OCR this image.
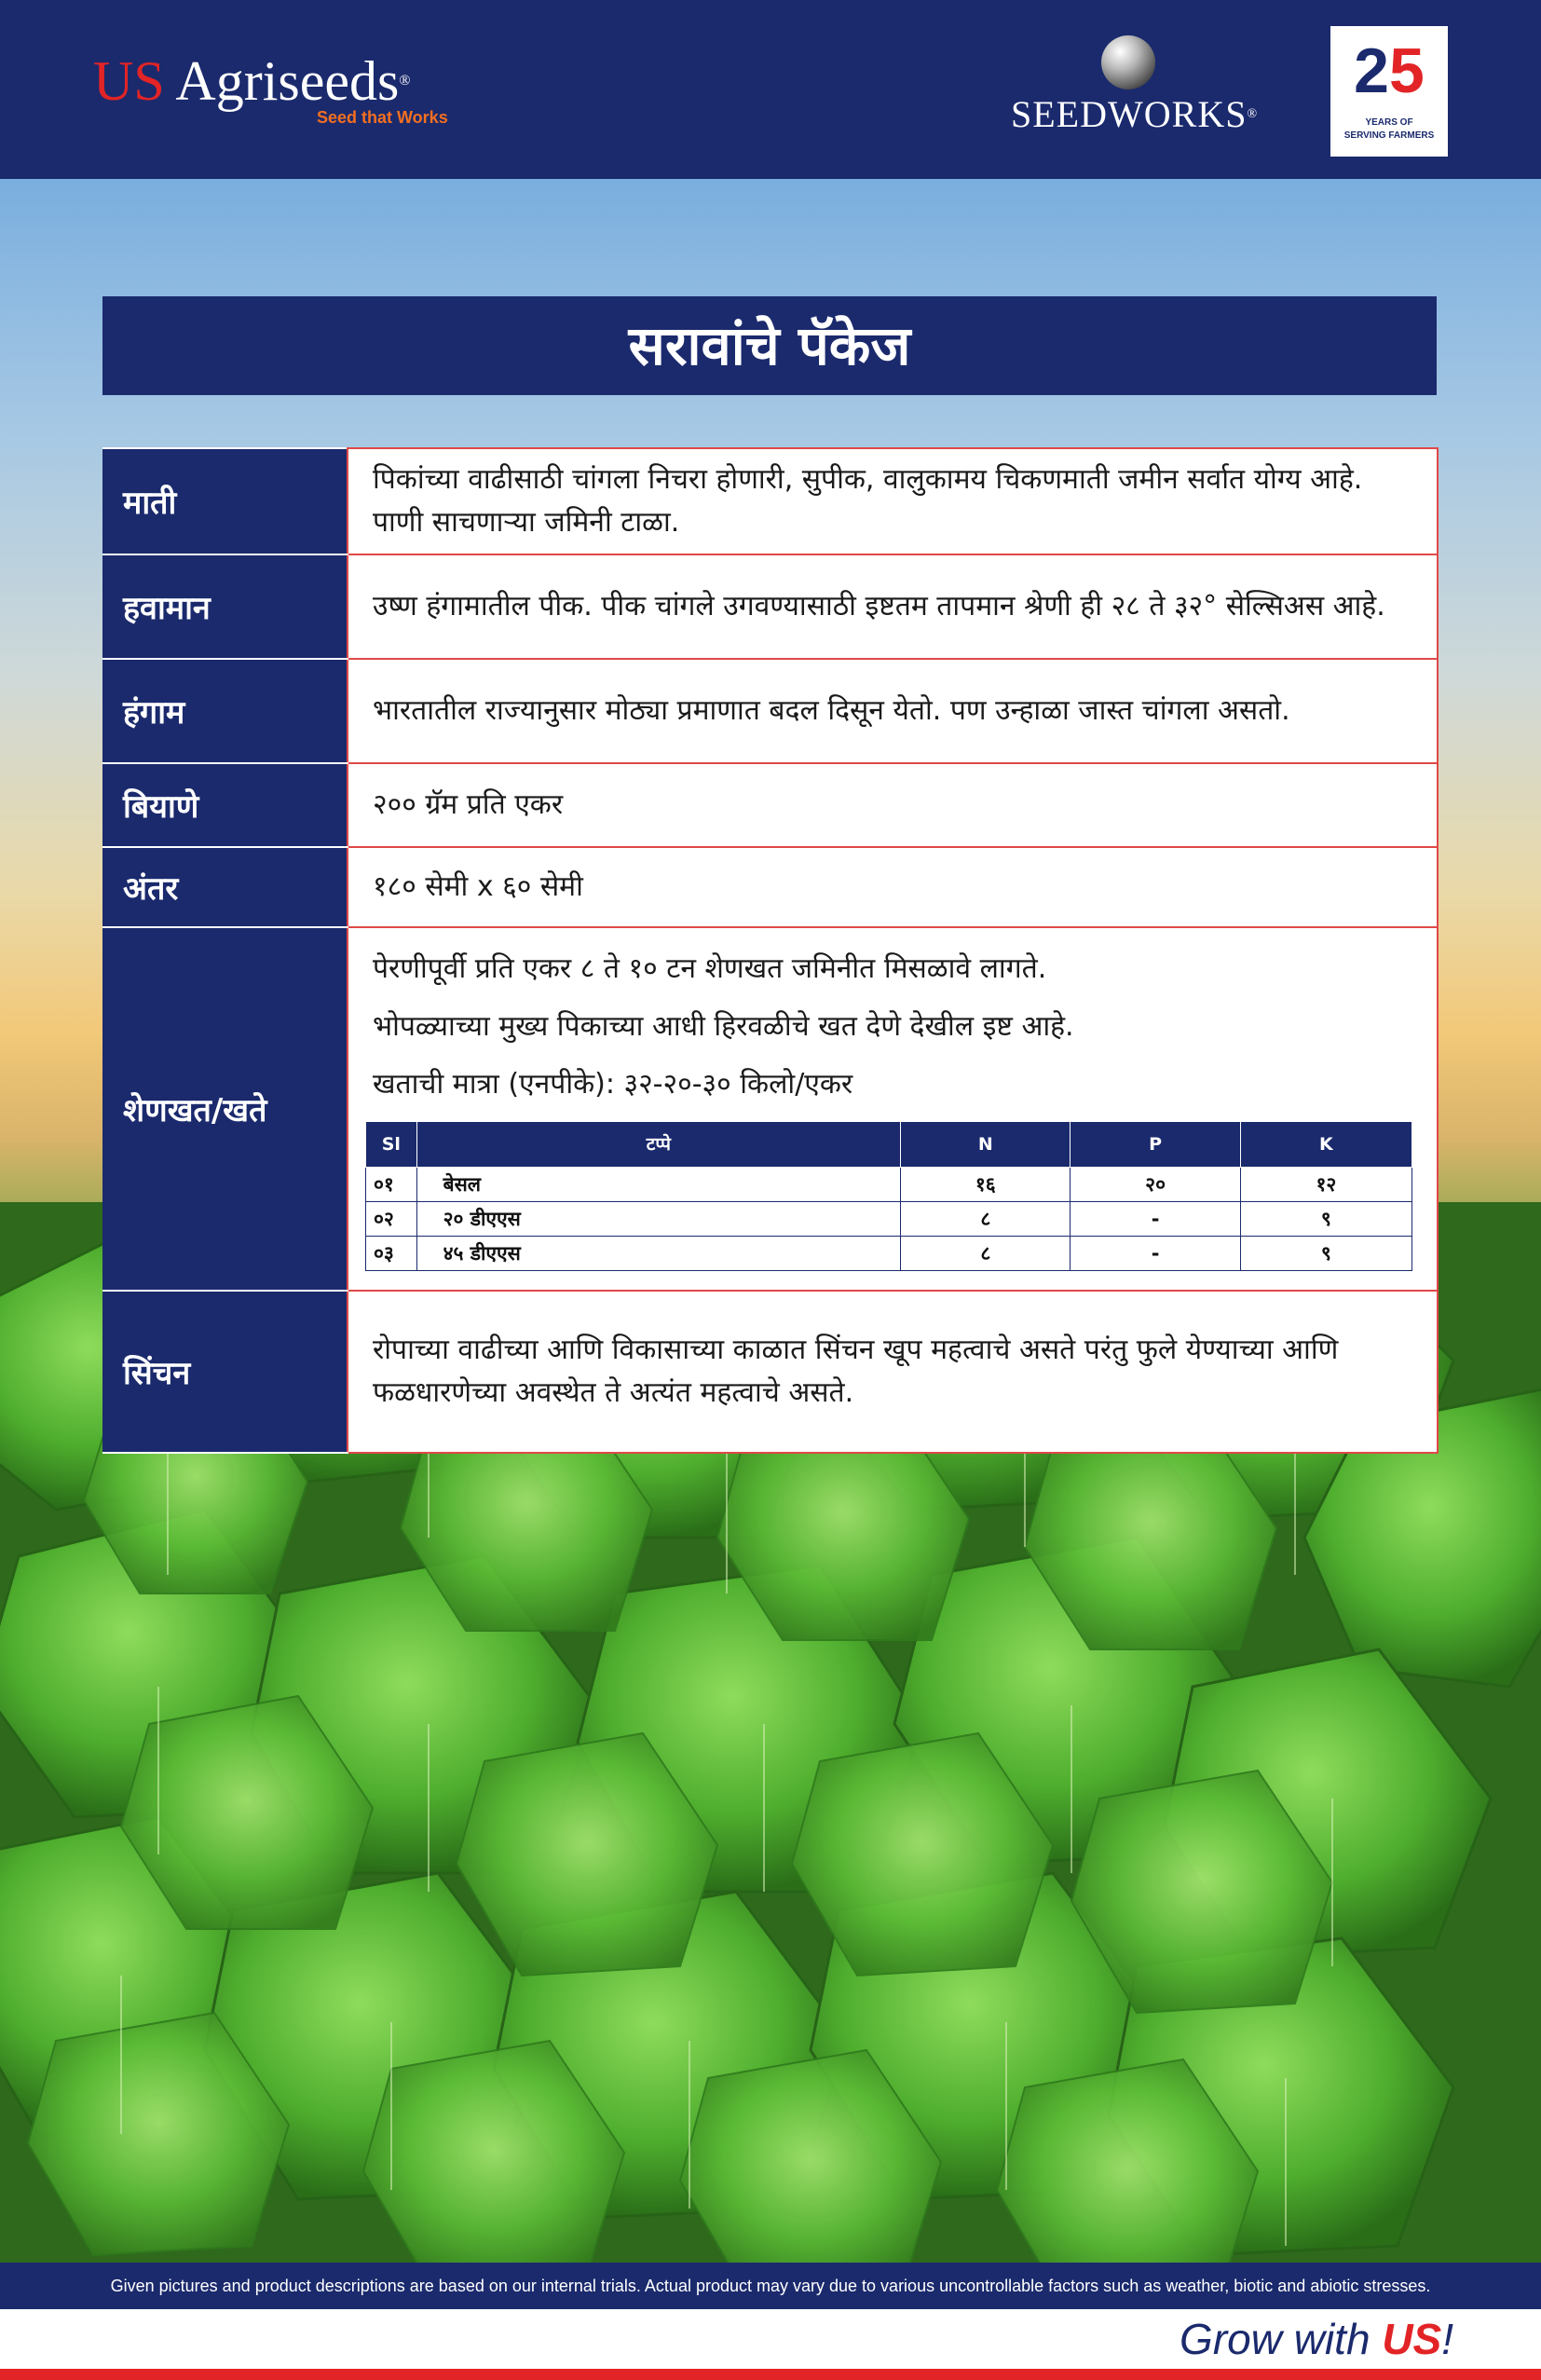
US Agriseeds®
Seed that Works	SEEDWORKS®
25
YEARS OF
SERVING FARMERS
सरावांचे पॅकेज
माती	पिकांच्या वाढीसाठी चांगला निचरा होणारी, सुपीक, वालुकामय चिकणमाती जमीन सर्वात योग्य आहे. पाणी साचणाऱ्या जमिनी टाळा.
हवामान	उष्ण हंगामातील पीक. पीक चांगले उगवण्यासाठी इष्टतम तापमान श्रेणी ही २८ ते ३२° सेल्सिअस आहे.
हंगाम	भारतातील राज्यानुसार मोठ्या प्रमाणात बदल दिसून येतो. पण उन्हाळा जास्त चांगला असतो.
बियाणे	२०० ग्रॅम प्रति एकर
अंतर	१८० सेमी x ६० सेमी
शेणखत/खते	

पेरणीपूर्वी प्रति एकर ८ ते १० टन शेणखत जमिनीत मिसळावे लागते.

भोपळ्याच्या मुख्य पिकाच्या आधी हिरवळीचे खत देणे देखील इष्ट आहे.

खताची मात्रा (एनपीके): ३२-२०-३० किलो/एकर

Sl	टप्पे	N	P	K
०१	बेसल	१६	२०	१२
०२	२० डीएएस	८	-	९
०३	४५ डीएएस	८	-	९

सिंचन	रोपाच्या वाढीच्या आणि विकासाच्या काळात सिंचन खूप महत्वाचे असते परंतु फुले येण्याच्या आणि फळधारणेच्या अवस्थेत ते अत्यंत महत्वाचे असते.
Given pictures and product descriptions are based on our internal trials. Actual product may vary due to various uncontrollable factors such as weather, biotic and abiotic stresses.
Grow with US!
